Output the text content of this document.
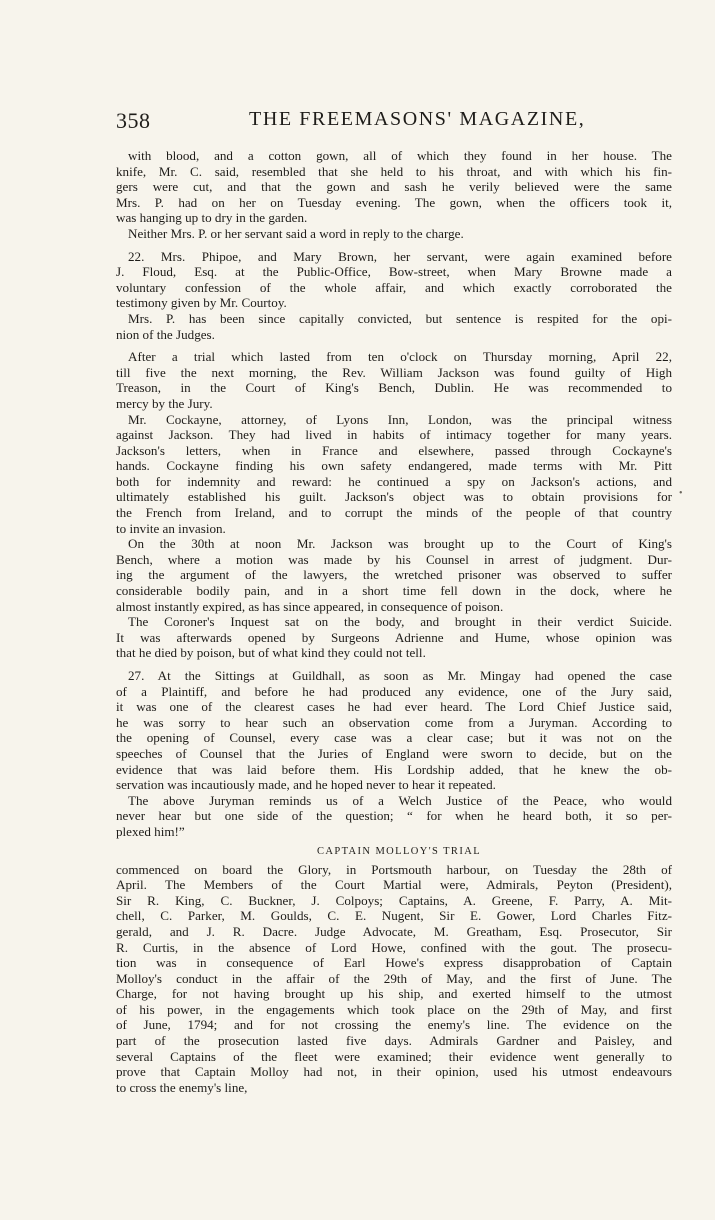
358	THE FREEMASONS' MAGAZINE,
with blood, and a cotton gown, all of which they found in her house. The
knife, Mr. C. said, resembled that she held to his throat, and with which his fin-
gers were cut, and that the gown and sash he verily believed were the same
Mrs. P. had on her on Tuesday evening. The gown, when the officers took it,
was hanging up to dry in the garden.
Neither Mrs. P. or her servant said a word in reply to the charge.
22. Mrs. Phipoe, and Mary Brown, her servant, were again examined before
J. Floud, Esq. at the Public-Office, Bow-street, when Mary Browne made a
voluntary confession of the whole affair, and which exactly corroborated the
testimony given by Mr. Courtoy.
Mrs. P. has been since capitally convicted, but sentence is respited for the opi-
nion of the Judges.
After a trial which lasted from ten o'clock on Thursday morning, April 22,
till five the next morning, the Rev. William Jackson was found guilty of High
Treason, in the Court of King's Bench, Dublin. He was recommended to
mercy by the Jury.
Mr. Cockayne, attorney, of Lyons Inn, London, was the principal witness
against Jackson. They had lived in habits of intimacy together for many years.
Jackson's letters, when in France and elsewhere, passed through Cockayne's
hands. Cockayne finding his own safety endangered, made terms with Mr. Pitt
both for indemnity and reward: he continued a spy on Jackson's actions, and
ultimately established his guilt. Jackson's object was to obtain provisions for
the French from Ireland, and to corrupt the minds of the people of that country
to invite an invasion.
On the 30th at noon Mr. Jackson was brought up to the Court of King's
Bench, where a motion was made by his Counsel in arrest of judgment. Dur-
ing the argument of the lawyers, the wretched prisoner was observed to suffer
considerable bodily pain, and in a short time fell down in the dock, where he
almost instantly expired, as has since appeared, in consequence of poison.
The Coroner's Inquest sat on the body, and brought in their verdict Suicide.
It was afterwards opened by Surgeons Adrienne and Hume, whose opinion was
that he died by poison, but of what kind they could not tell.
27. At the Sittings at Guildhall, as soon as Mr. Mingay had opened the case
of a Plaintiff, and before he had produced any evidence, one of the Jury said,
it was one of the clearest cases he had ever heard. The Lord Chief Justice said,
he was sorry to hear such an observation come from a Juryman. According to
the opening of Counsel, every case was a clear case; but it was not on the
speeches of Counsel that the Juries of England were sworn to decide, but on the
evidence that was laid before them. His Lordship added, that he knew the ob-
servation was incautiously made, and he hoped never to hear it repeated.
The above Juryman reminds us of a Welch Justice of the Peace, who would
never hear but one side of the question; “ for when he heard both, it so per-
plexed him!”
CAPTAIN MOLLOY'S TRIAL
commenced on board the Glory, in Portsmouth harbour, on Tuesday the 28th of
April. The Members of the Court Martial were, Admirals, Peyton (President),
Sir R. King, C. Buckner, J. Colpoys; Captains, A. Greene, F. Parry, A. Mit-
chell, C. Parker, M. Goulds, C. E. Nugent, Sir E. Gower, Lord Charles Fitz-
gerald, and J. R. Dacre. Judge Advocate, M. Greatham, Esq. Prosecutor, Sir
R. Curtis, in the absence of Lord Howe, confined with the gout. The prosecu-
tion was in consequence of Earl Howe's express disapprobation of Captain
Molloy's conduct in the affair of the 29th of May, and the first of June. The
Charge, for not having brought up his ship, and exerted himself to the utmost
of his power, in the engagements which took place on the 29th of May, and first
of June, 1794; and for not crossing the enemy's line. The evidence on the
part of the prosecution lasted five days. Admirals Gardner and Paisley, and
several Captains of the fleet were examined; their evidence went generally to
prove that Captain Molloy had not, in their opinion, used his utmost endeavours
to cross the enemy's line,
•
